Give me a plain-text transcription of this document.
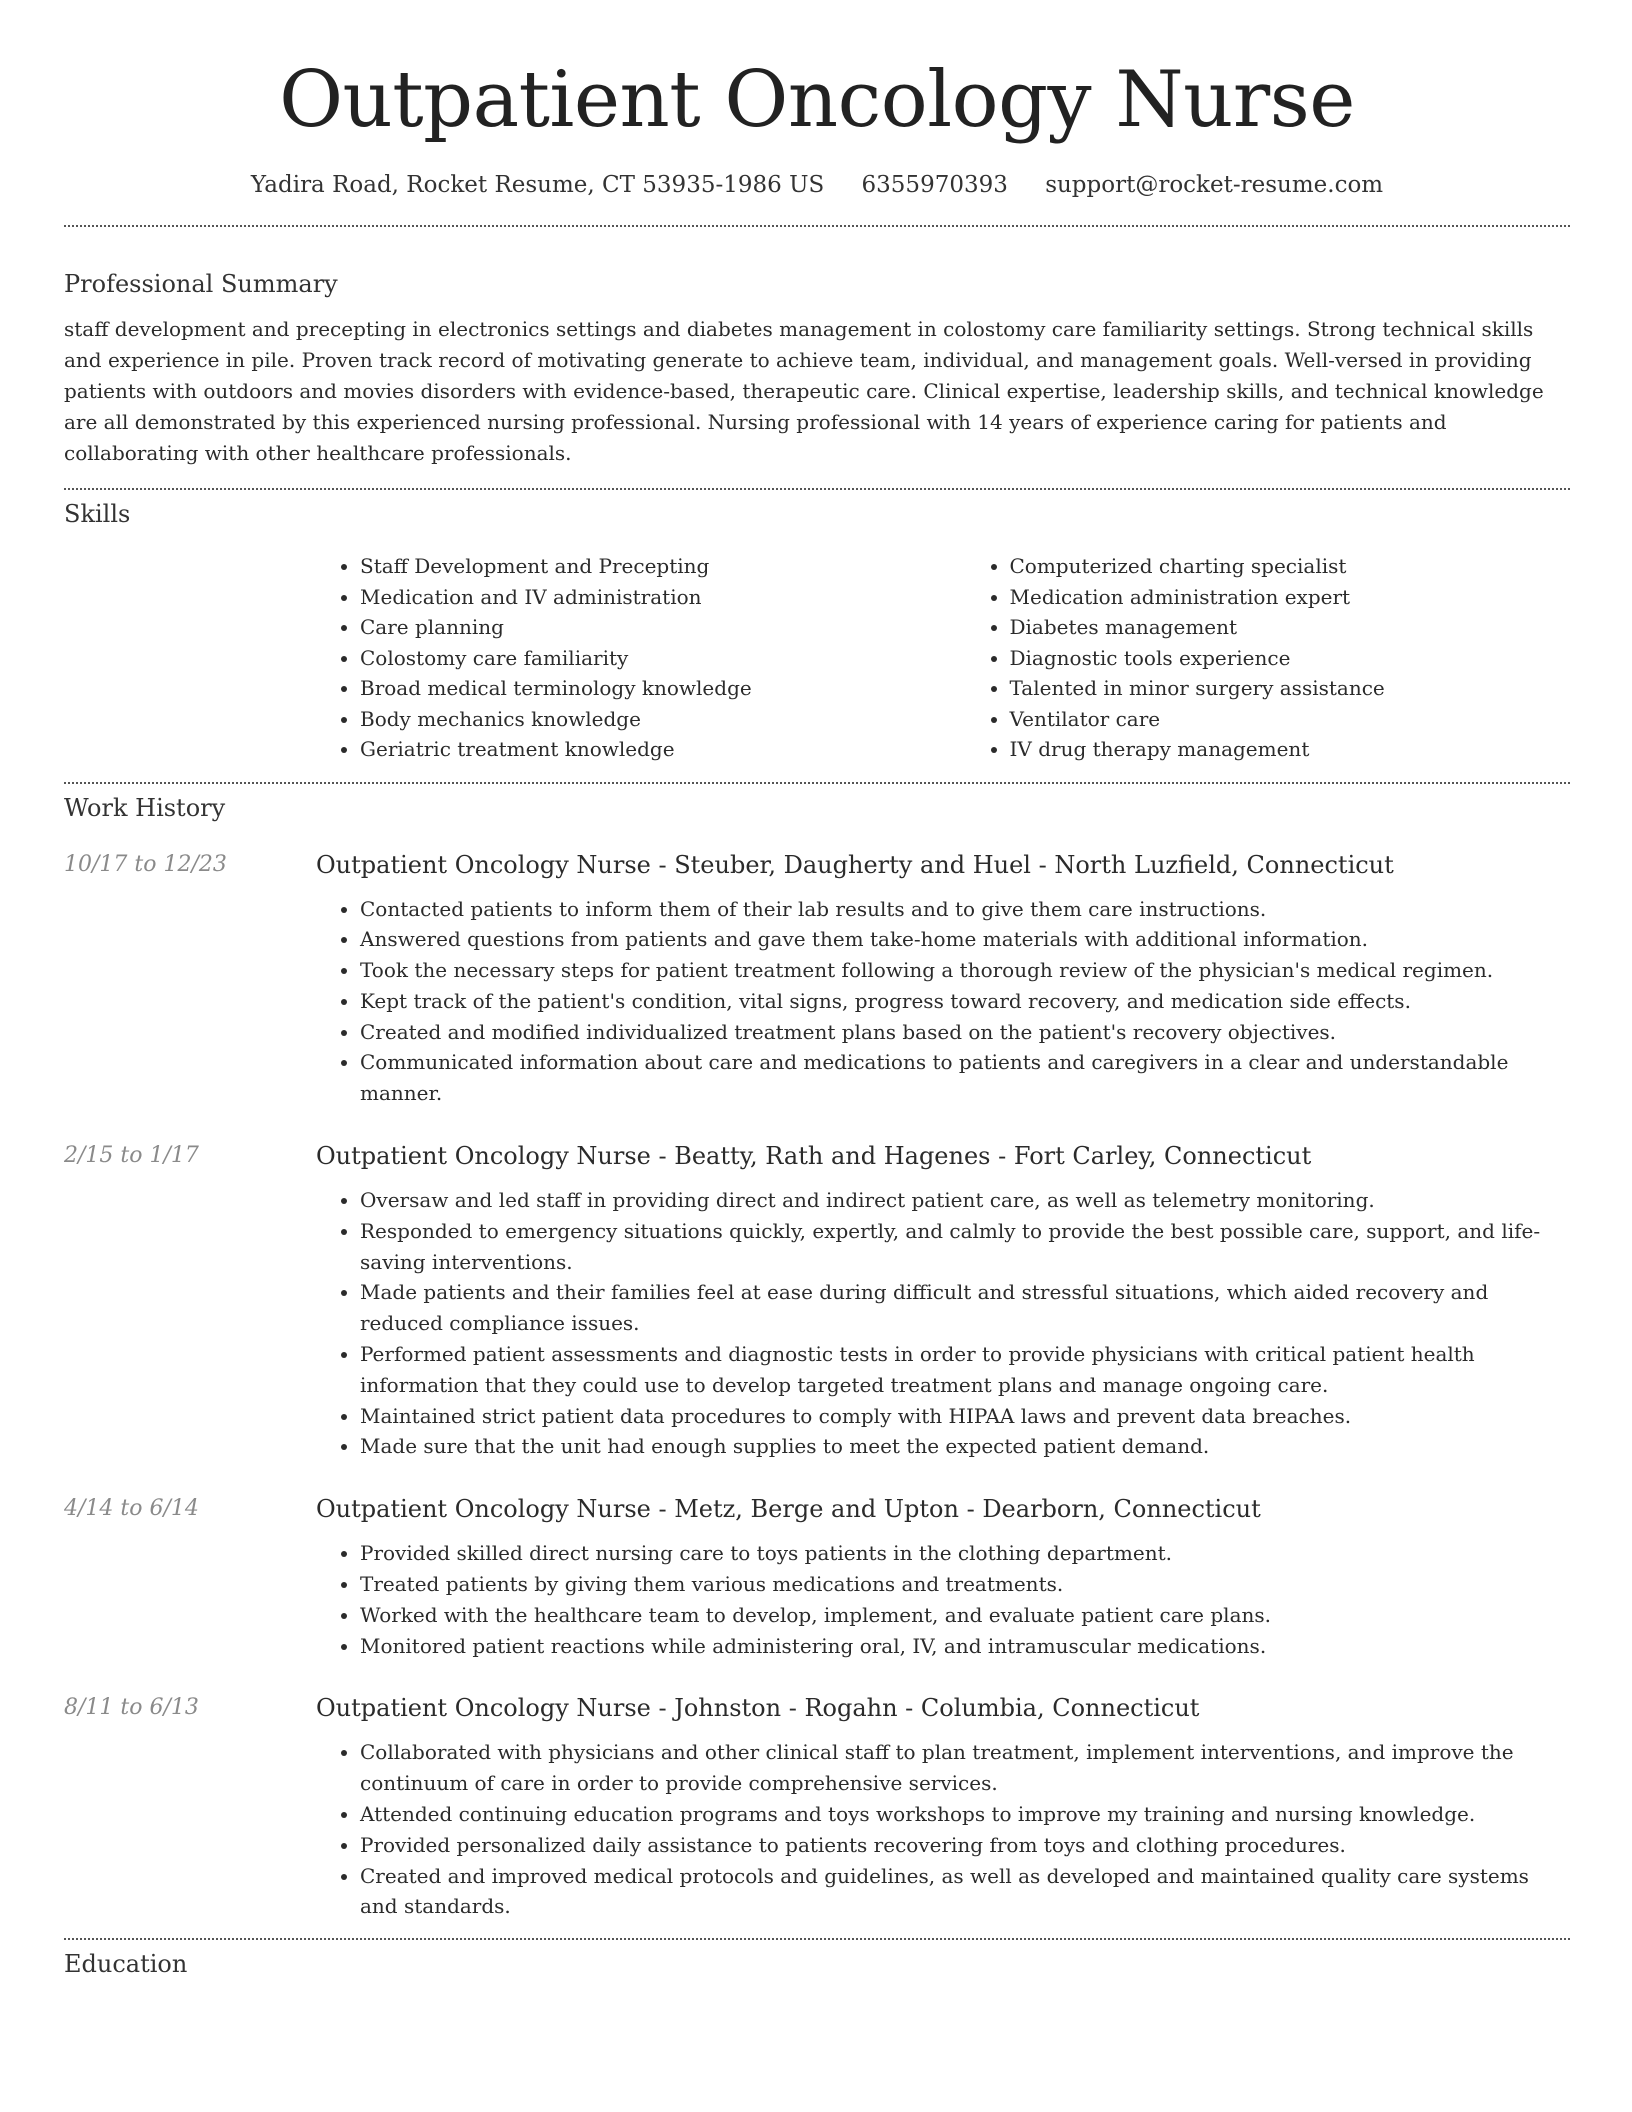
Outpatient Oncology Nurse
Yadira Road, Rocket Resume, CT 53935-1986 US 6355970393 support@rocket-resume.com
Professional Summary

staff development and precepting in electronics settings and diabetes management in colostomy care familiarity settings. Strong technical skills and experience in pile. Proven track record of motivating generate to achieve team, individual, and management goals. Well-versed in providing patients with outdoors and movies disorders with evidence-based, therapeutic care. Clinical expertise, leadership skills, and technical knowledge are all demonstrated by this experienced nursing professional. Nursing professional with 14 years of experience caring for patients and collaborating with other healthcare professionals.

Skills
• Staff Development and Precepting
• Medication and IV administration
• Care planning
• Colostomy care familiarity
• Broad medical terminology knowledge
• Body mechanics knowledge
• Geriatric treatment knowledge
• Computerized charting specialist
• Medication administration expert
• Diabetes management
• Diagnostic tools experience
• Talented in minor surgery assistance
• Ventilator care
• IV drug therapy management
Work History
10/17 to 12/23	Outpatient Oncology Nurse - Steuber, Daugherty and Huel - North Luzfield, Connecticut
• Contacted patients to inform them of their lab results and to give them care instructions.
• Answered questions from patients and gave them take-home materials with additional information.
• Took the necessary steps for patient treatment following a thorough review of the physician's medical regimen.
• Kept track of the patient's condition, vital signs, progress toward recovery, and medication side effects.
• Created and modified individualized treatment plans based on the patient's recovery objectives.
• Communicated information about care and medications to patients and caregivers in a clear and understandable manner.
2/15 to 1/17	Outpatient Oncology Nurse - Beatty, Rath and Hagenes - Fort Carley, Connecticut
• Oversaw and led staff in providing direct and indirect patient care, as well as telemetry monitoring.
• Responded to emergency situations quickly, expertly, and calmly to provide the best possible care, support, and life-saving interventions.
• Made patients and their families feel at ease during difficult and stressful situations, which aided recovery and reduced compliance issues.
• Performed patient assessments and diagnostic tests in order to provide physicians with critical patient health information that they could use to develop targeted treatment plans and manage ongoing care.
• Maintained strict patient data procedures to comply with HIPAA laws and prevent data breaches.
• Made sure that the unit had enough supplies to meet the expected patient demand.
4/14 to 6/14	Outpatient Oncology Nurse - Metz, Berge and Upton - Dearborn, Connecticut
• Provided skilled direct nursing care to toys patients in the clothing department.
• Treated patients by giving them various medications and treatments.
• Worked with the healthcare team to develop, implement, and evaluate patient care plans.
• Monitored patient reactions while administering oral, IV, and intramuscular medications.
8/11 to 6/13	Outpatient Oncology Nurse - Johnston - Rogahn - Columbia, Connecticut
• Collaborated with physicians and other clinical staff to plan treatment, implement interventions, and improve the continuum of care in order to provide comprehensive services.
• Attended continuing education programs and toys workshops to improve my training and nursing knowledge.
• Provided personalized daily assistance to patients recovering from toys and clothing procedures.
• Created and improved medical protocols and guidelines, as well as developed and maintained quality care systems and standards.
Education
